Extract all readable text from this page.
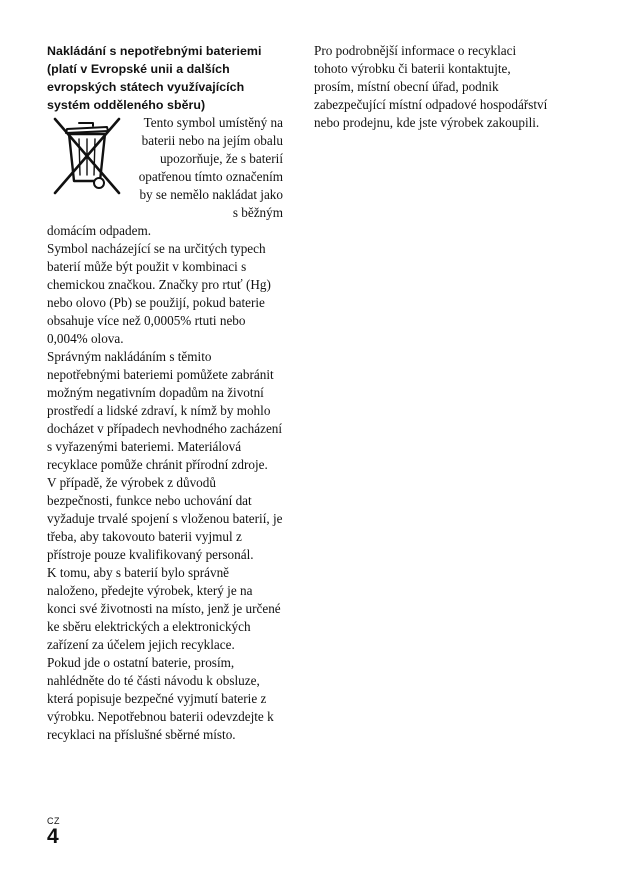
Nakládání s nepotřebnými bateriemi (platí v Evropské unii a dalších evropských státech využívajících systém odděleného sběru)
Tento symbol umístěný na baterii nebo na jejím obalu upozorňuje, že s baterií opatřenou tímto označením by se nemělo nakládat jako s běžným
domácím odpadem.
Symbol nacházející se na určitých typech baterií může být použit v kombinaci s chemickou značkou. Značky pro rtuť (Hg) nebo olovo (Pb) se použijí, pokud baterie obsahuje více než 0,0005% rtuti nebo 0,004% olova.
Správným nakládáním s těmito nepotřebnými bateriemi pomůžete zabránit možným negativním dopadům na životní prostředí a lidské zdraví, k nímž by mohlo docházet v případech nevhodného zacházení s vyřazenými bateriemi. Materiálová recyklace pomůže chránit přírodní zdroje.
V případě, že výrobek z důvodů bezpečnosti, funkce nebo uchování dat vyžaduje trvalé spojení s vloženou baterií, je třeba, aby takovouto baterii vyjmul z přístroje pouze kvalifikovaný personál.
K tomu, aby s baterií bylo správně naloženo, předejte výrobek, který je na konci své životnosti na místo, jenž je určené ke sběru elektrických a elektronických zařízení za účelem jejich recyklace.
Pokud jde o ostatní baterie, prosím, nahlédněte do té části návodu k obsluze, která popisuje bezpečné vyjmutí baterie z výrobku. Nepotřebnou baterii odevzdejte k recyklaci na příslušné sběrné místo.
Pro podrobnější informace o recyklaci tohoto výrobku či baterii kontaktujte, prosím, místní obecní úřad, podnik zabezpečující místní odpadové hospodářství nebo prodejnu, kde jste výrobek zakoupili.
CZ
4
